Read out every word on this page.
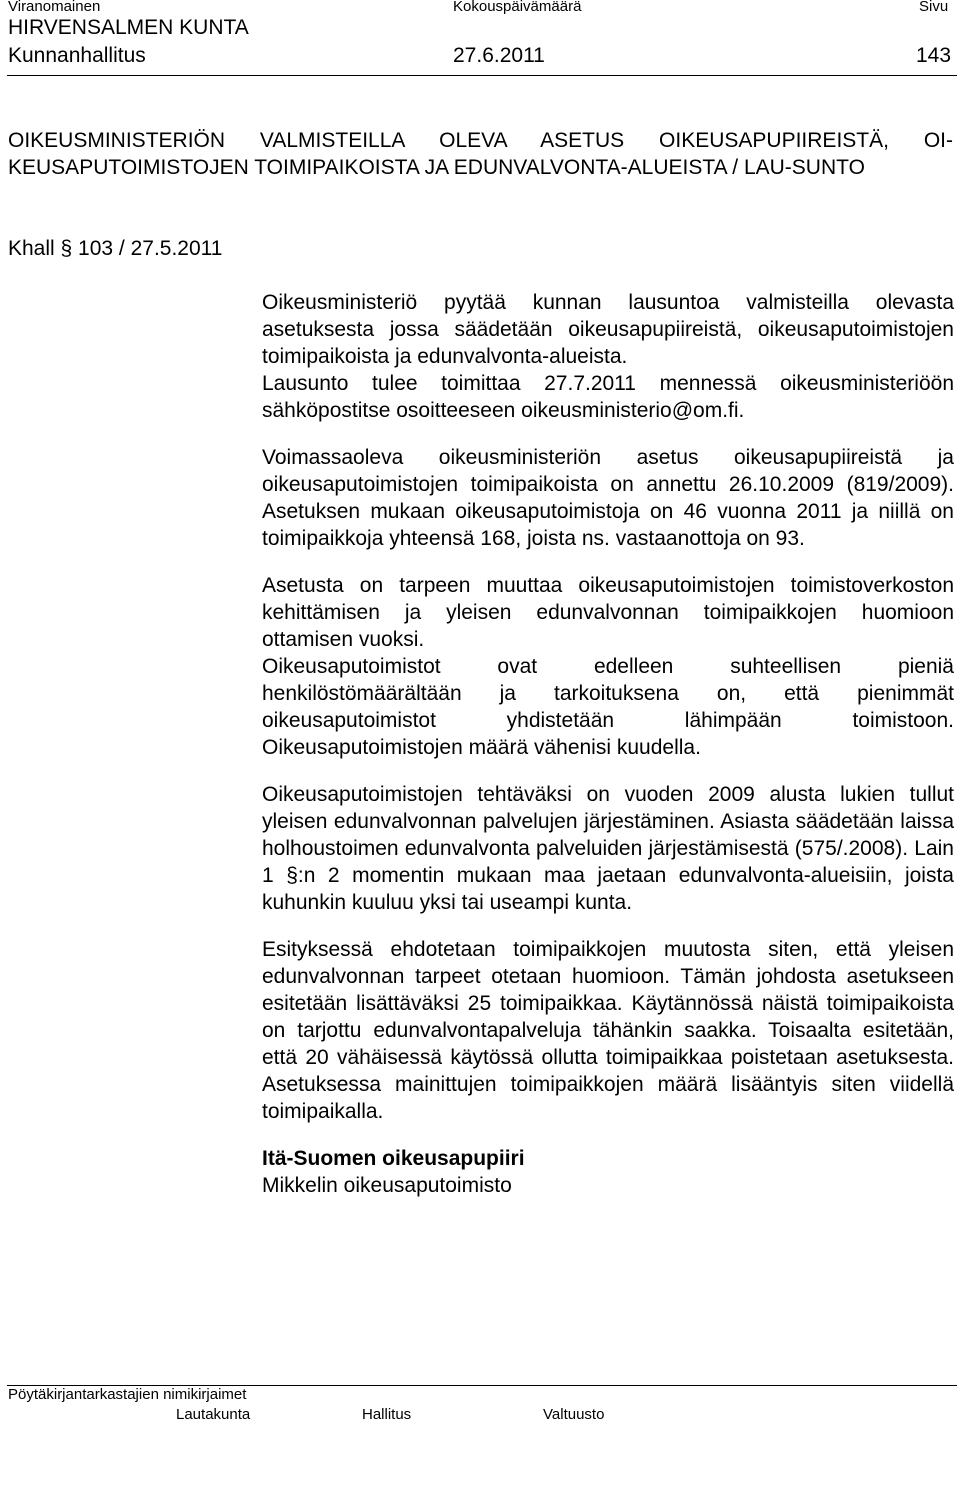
Viranomainen	Kokouspäivämäärä	Sivu
HIRVENSALMEN KUNTA
Kunnanhallitus	27.6.2011	143
OIKEUSMINISTERIÖN VALMISTEILLA OLEVA ASETUS OIKEUSAPUPIIREISTÄ, OI-KEUSAPUTOIMISTOJEN TOIMIPAIKOISTA JA EDUNVALVONTA-ALUEISTA / LAU-SUNTO
Khall § 103 / 27.5.2011

Oikeusministeriö pyytää kunnan lausuntoa valmisteilla olevasta asetuksesta jossa säädetään oikeusapupiireistä, oikeusaputoimistojen toimipaikoista ja edunvalvonta-alueista.

Lausunto tulee toimittaa 27.7.2011 mennessä oikeusministeriöön sähköpostitse osoitteeseen oikeusministerio@om.fi.

Voimassaoleva oikeusministeriön asetus oikeusapupiireistä ja oikeusaputoimistojen toimipaikoista on annettu 26.10.2009 (819/2009). Asetuksen mukaan oikeusaputoimistoja on 46 vuonna 2011 ja niillä on toimipaikkoja yhteensä 168, joista ns. vastaanottoja on 93.

Asetusta on tarpeen muuttaa oikeusaputoimistojen toimistoverkoston kehittämisen ja yleisen edunvalvonnan toimipaikkojen huomioon ottamisen vuoksi.

Oikeusaputoimistot ovat edelleen suhteellisen pieniä henkilöstömäärältään ja tarkoituksena on, että pienimmät oikeusaputoimistot yhdistetään lähimpään toimistoon. Oikeusaputoimistojen määrä vähenisi kuudella.

Oikeusaputoimistojen tehtäväksi on vuoden 2009 alusta lukien tullut yleisen edunvalvonnan palvelujen järjestäminen. Asiasta säädetään laissa holhoustoimen edunvalvonta palveluiden järjestämisestä (575/.2008). Lain 1 §:n 2 momentin mukaan maa jaetaan edunvalvonta-alueisiin, joista kuhunkin kuuluu yksi tai useampi kunta.

Esityksessä ehdotetaan toimipaikkojen muutosta siten, että yleisen edunvalvonnan tarpeet otetaan huomioon. Tämän johdosta asetukseen esitetään lisättäväksi 25 toimipaikkaa. Käytännössä näistä toimipaikoista on tarjottu edunvalvontapalveluja tähänkin saakka. Toisaalta esitetään, että 20 vähäisessä käytössä ollutta toimipaikkaa poistetaan asetuksesta. Asetuksessa mainittujen toimipaikkojen määrä lisääntyis siten viidellä toimipaikalla.

Itä-Suomen oikeusapupiiri

Mikkelin oikeusaputoimisto

Pöytäkirjantarkastajien nimikirjaimet
Lautakunta	Hallitus	Valtuusto
